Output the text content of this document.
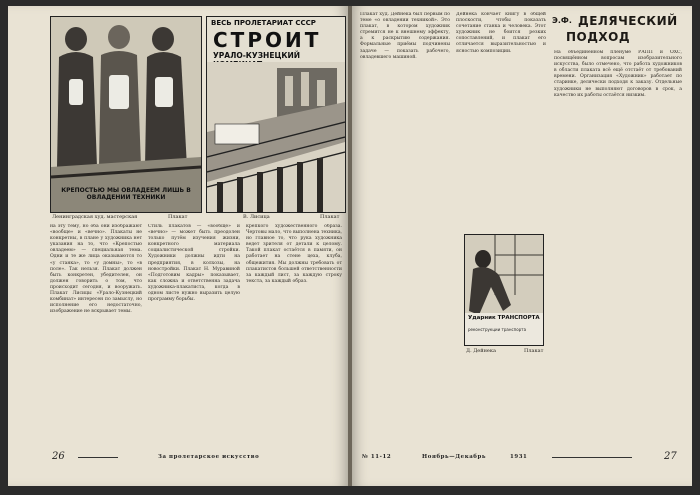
КРЕПОСТЬЮ МЫ ОВЛАДЕЕМ ЛИШЬ В ОВЛАДЕНИИ ТЕХНИКИ
Ленинградская худ. мастерская	Плакат
ВЕСЬ ПРОЛЕТАРИАТ СССР
СТРОИТ
УРАЛО-КУЗНЕЦКИЙ
В. Лисица	Плакат
на эту тему, но оба они изображают «вообще» и «вечно». Плакаты не конкретны, в плане у художника нет указания на то, что «Крепостью овладеем» — специальная тема. Одни и те же лица оказываются то «у станка», то «у домны», то «в поле». Так нельзя. Плакат должен быть конкретен, убедителен, он должен говорить о том, что происходит сегодня, и вооружать. Плакат Лисицы «Урало-Кузнецкий комбинат» интересен по замыслу, но исполнение его недостаточно, изображение не вскрывает темы.
Стиль плакатов — «вообще» и «вечно» — может быть преодолен только путём изучения жизни, конкретного материала социалистической стройки. Художники должны идти на предприятия, в колхозы, на новостройки. Плакат Н. Муравиной «Подготовим кадры» показывает, как сложна и ответственна задача художника-плакатиста, когда в одном листе нужно выразить целую программу борьбы.
крепкого художественного образа. Чертовы мало, что выполнена техника, но главное то, что рука художника ведет зрителя от детали к целому. Такой плакат остаётся в памяти, он работает на стене цеха, клуба, общежития. Мы должны требовать от плакатистов большей ответственности за каждый лист, за каждую строку текста, за каждый образ.
26	За пролетарское искусство
Плакат худ. Дейнека был первым по теме «о овладении техникой». Это плакат, в котором художник стремится не к внешнему эффекту, а к раскрытию содержания. Формальные приёмы подчинены задаче — показать рабочего, овладевшего машиной.
Дейнека кончает книгу в общей плоскости, чтобы показать сочетание станка и человека. Этот художник не боится резких сопоставлений, и плакат его отличается выразительностью и ясностью композиции.
Ударник ТРАНСПОРТА
реконструкции транспорта
Д. Дейнека	Плакат
Э.Ф. ДЕЛЯЧЕСКИЙ
ПОДХОД
На объединенном пленуме РАПП и ОХС, посвящённом вопросам изобразительного искусства, было отмечено, что работа художников в области плаката всё ещё отстаёт от требований времени. Организация «Художник» работает по старинке, делячески подходя к заказу. Отдельные художники не выполняют договоров в срок, а качество их работы остаётся низким.
№ 11-12	Ноябрь—Декабрь	1931	27
